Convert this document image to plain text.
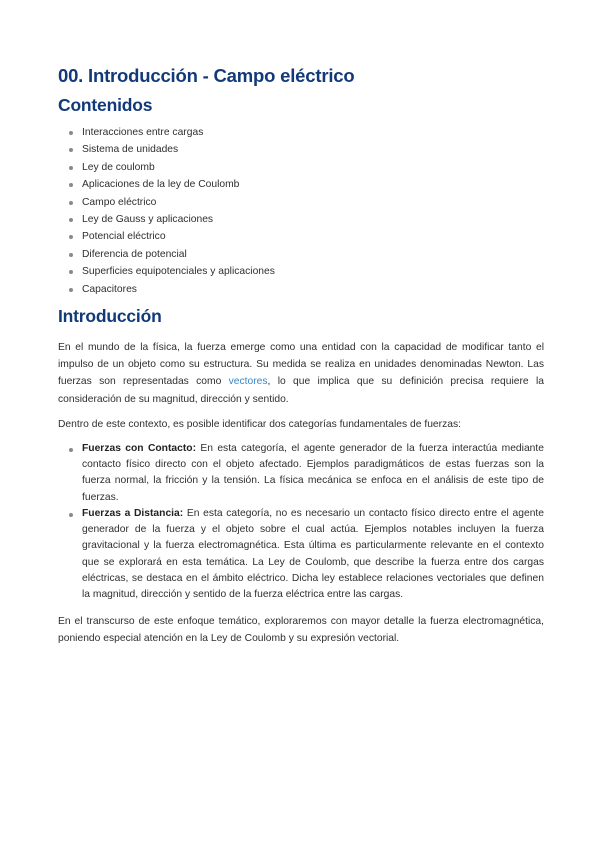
00. Introducción - Campo eléctrico
Contenidos
Interacciones entre cargas
Sistema de unidades
Ley de coulomb
Aplicaciones de la ley de Coulomb
Campo eléctrico
Ley de Gauss y aplicaciones
Potencial eléctrico
Diferencia de potencial
Superficies equipotenciales y aplicaciones
Capacitores
Introducción

En el mundo de la física, la fuerza emerge como una entidad con la capacidad de modificar tanto el impulso de un objeto como su estructura. Su medida se realiza en unidades denominadas Newton. Las fuerzas son representadas como vectores, lo que implica que su definición precisa requiere la consideración de su magnitud, dirección y sentido.

Dentro de este contexto, es posible identificar dos categorías fundamentales de fuerzas:

Fuerzas con Contacto: En esta categoría, el agente generador de la fuerza interactúa mediante contacto físico directo con el objeto afectado. Ejemplos paradigmáticos de estas fuerzas son la fuerza normal, la fricción y la tensión. La física mecánica se enfoca en el análisis de este tipo de fuerzas.
Fuerzas a Distancia: En esta categoría, no es necesario un contacto físico directo entre el agente generador de la fuerza y el objeto sobre el cual actúa. Ejemplos notables incluyen la fuerza gravitacional y la fuerza electromagnética. Esta última es particularmente relevante en el contexto que se explorará en esta temática. La Ley de Coulomb, que describe la fuerza entre dos cargas eléctricas, se destaca en el ámbito eléctrico. Dicha ley establece relaciones vectoriales que definen la magnitud, dirección y sentido de la fuerza eléctrica entre las cargas.

En el transcurso de este enfoque temático, exploraremos con mayor detalle la fuerza electromagnética, poniendo especial atención en la Ley de Coulomb y su expresión vectorial.
